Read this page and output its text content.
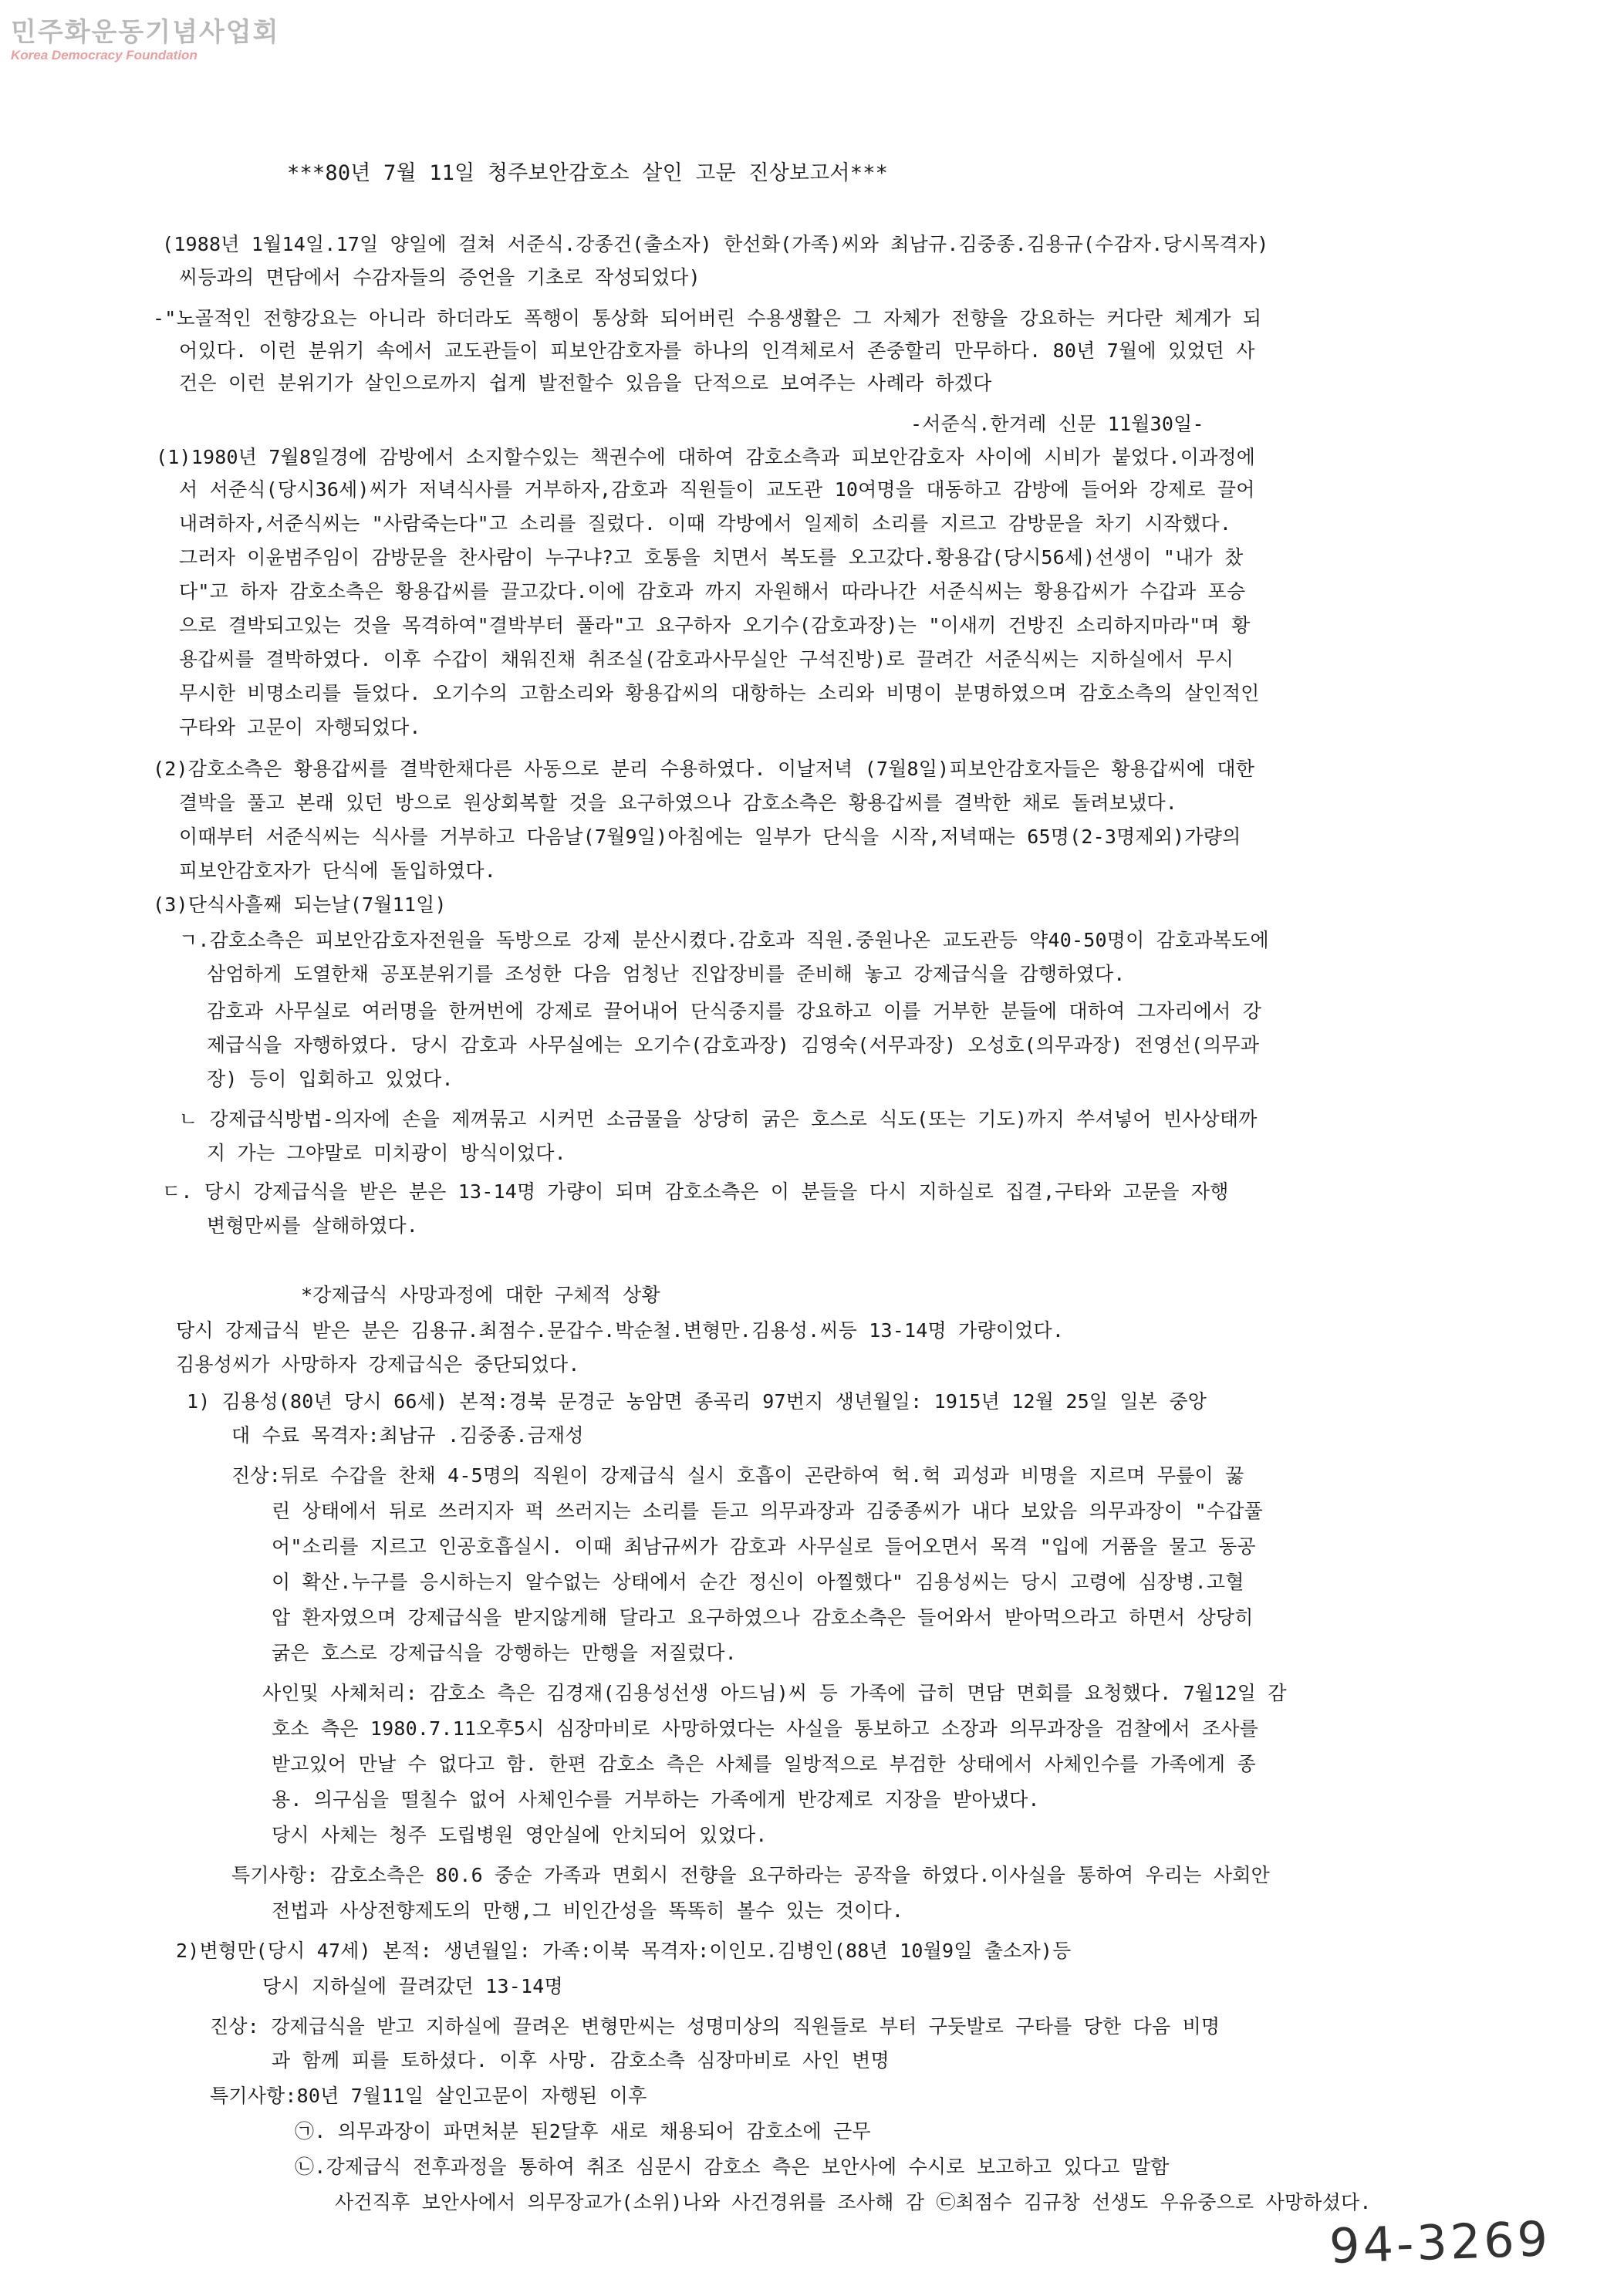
민주화운동기념사업회
Korea Democracy Foundation
***80년 7월 11일 청주보안감호소 살인 고문 진상보고서***
(1988년 1월14일.17일 양일에 걸쳐 서준식.강종건(출소자) 한선화(가족)씨와 최남규.김중종.김용규(수감자.당시목격자)
씨등과의 면담에서 수감자들의 증언을 기초로 작성되었다)
-"노골적인 전향강요는 아니라 하더라도 폭행이 통상화 되어버린 수용생활은 그 자체가 전향을 강요하는 커다란 체계가 되
어있다. 이런 분위기 속에서 교도관들이 피보안감호자를 하나의 인격체로서 존중할리 만무하다. 80년 7월에 있었던 사
건은 이런 분위기가 살인으로까지 쉽게 발전할수 있음을 단적으로 보여주는 사례라 하겠다
-서준식.한겨레 신문 11월30일-
(1)1980년 7월8일경에 감방에서 소지할수있는 책권수에 대하여 감호소측과 피보안감호자 사이에 시비가 붙었다.이과정에
서 서준식(당시36세)씨가 저녁식사를 거부하자,감호과 직원들이 교도관 10여명을 대동하고 감방에 들어와 강제로 끌어
내려하자,서준식씨는 "사람죽는다"고 소리를 질렀다. 이때 각방에서 일제히 소리를 지르고 감방문을 차기 시작했다.
그러자 이윤범주임이 감방문을 찬사람이 누구냐?고 호통을 치면서 복도를 오고갔다.황용갑(당시56세)선생이 "내가 찼
다"고 하자 감호소측은 황용갑씨를 끌고갔다.이에 감호과 까지 자원해서 따라나간 서준식씨는 황용갑씨가 수갑과 포승
으로 결박되고있는 것을 목격하여"결박부터 풀라"고 요구하자 오기수(감호과장)는 "이새끼 건방진 소리하지마라"며 황
용갑씨를 결박하였다. 이후 수갑이 채워진채 취조실(감호과사무실안 구석진방)로 끌려간 서준식씨는 지하실에서 무시
무시한 비명소리를 들었다. 오기수의 고함소리와 황용갑씨의 대항하는 소리와 비명이 분명하였으며 감호소측의 살인적인
구타와 고문이 자행되었다.
(2)감호소측은 황용갑씨를 결박한채다른 사동으로 분리 수용하였다. 이날저녁 (7월8일)피보안감호자들은 황용갑씨에 대한
결박을 풀고 본래 있던 방으로 원상회복할 것을 요구하였으나 감호소측은 황용갑씨를 결박한 채로 돌려보냈다.
이때부터 서준식씨는 식사를 거부하고 다음날(7월9일)아침에는 일부가 단식을 시작,저녁때는 65명(2-3명제외)가량의
피보안감호자가 단식에 돌입하였다.
(3)단식사흘째 되는날(7월11일)
ㄱ.감호소측은 피보안감호자전원을 독방으로 강제 분산시켰다.감호과 직원.중원나온 교도관등 약40-50명이 감호과복도에
삼엄하게 도열한채 공포분위기를 조성한 다음 엄청난 진압장비를 준비해 놓고 강제급식을 감행하였다.
감호과 사무실로 여러명을 한꺼번에 강제로 끌어내어 단식중지를 강요하고 이를 거부한 분들에 대하여 그자리에서 강
제급식을 자행하였다. 당시 감호과 사무실에는 오기수(감호과장) 김영숙(서무과장) 오성호(의무과장) 전영선(의무과
장) 등이 입회하고 있었다.
ㄴ 강제급식방법-의자에 손을 제껴묶고 시커먼 소금물을 상당히 굵은 호스로 식도(또는 기도)까지 쑤셔넣어 빈사상태까
지 가는 그야말로 미치광이 방식이었다.
ㄷ. 당시 강제급식을 받은 분은 13-14명 가량이 되며 감호소측은 이 분들을 다시 지하실로 집결,구타와 고문을 자행
변형만씨를 살해하였다.
*강제급식 사망과정에 대한 구체적 상황
당시 강제급식 받은 분은 김용규.최점수.문갑수.박순철.변형만.김용성.씨등 13-14명 가량이었다.
김용성씨가 사망하자 강제급식은 중단되었다.
1) 김용성(80년 당시 66세) 본적:경북 문경군 농암면 종곡리 97번지 생년월일: 1915년 12월 25일 일본 중앙
대 수료 목격자:최남규 .김중종.금재성
진상:뒤로 수갑을 찬채 4-5명의 직원이 강제급식 실시 호흡이 곤란하여 헉.헉 괴성과 비명을 지르며 무릎이 꿇
린 상태에서 뒤로 쓰러지자 퍽 쓰러지는 소리를 듣고 의무과장과 김중종씨가 내다 보았음 의무과장이 "수갑풀
어"소리를 지르고 인공호흡실시. 이때 최남규씨가 감호과 사무실로 들어오면서 목격 "입에 거품을 물고 동공
이 확산.누구를 응시하는지 알수없는 상태에서 순간 정신이 아찔했다" 김용성씨는 당시 고령에 심장병.고혈
압 환자였으며 강제급식을 받지않게해 달라고 요구하였으나 감호소측은 들어와서 받아먹으라고 하면서 상당히
굵은 호스로 강제급식을 강행하는 만행을 저질렀다.
사인및 사체처리: 감호소 측은 김경재(김용성선생 아드님)씨 등 가족에 급히 면담 면회를 요청했다. 7월12일 감
호소 측은 1980.7.11오후5시 심장마비로 사망하였다는 사실을 통보하고 소장과 의무과장을 검찰에서 조사를
받고있어 만날 수 없다고 함. 한편 감호소 측은 사체를 일방적으로 부검한 상태에서 사체인수를 가족에게 종
용. 의구심을 떨칠수 없어 사체인수를 거부하는 가족에게 반강제로 지장을 받아냈다.
당시 사체는 청주 도립병원 영안실에 안치되어 있었다.
특기사항: 감호소측은 80.6 중순 가족과 면회시 전향을 요구하라는 공작을 하였다.이사실을 통하여 우리는 사회안
전법과 사상전향제도의 만행,그 비인간성을 똑똑히 볼수 있는 것이다.
2)변형만(당시 47세) 본적: 생년월일: 가족:이북 목격자:이인모.김병인(88년 10월9일 출소자)등
당시 지하실에 끌려갔던 13-14명
진상: 강제급식을 받고 지하실에 끌려온 변형만씨는 성명미상의 직원들로 부터 구둣발로 구타를 당한 다음 비명
과 함께 피를 토하셨다. 이후 사망. 감호소측 심장마비로 사인 변명
특기사항:80년 7월11일 살인고문이 자행된 이후
㉠. 의무과장이 파면처분 된2달후 새로 채용되어 감호소에 근무
㉡.강제급식 전후과정을 통하여 취조 심문시 감호소 측은 보안사에 수시로 보고하고 있다고 말함
사건직후 보안사에서 의무장교가(소위)나와 사건경위를 조사해 감 ㉢최점수 김규창 선생도 우유중으로 사망하셨다.
94-3269
